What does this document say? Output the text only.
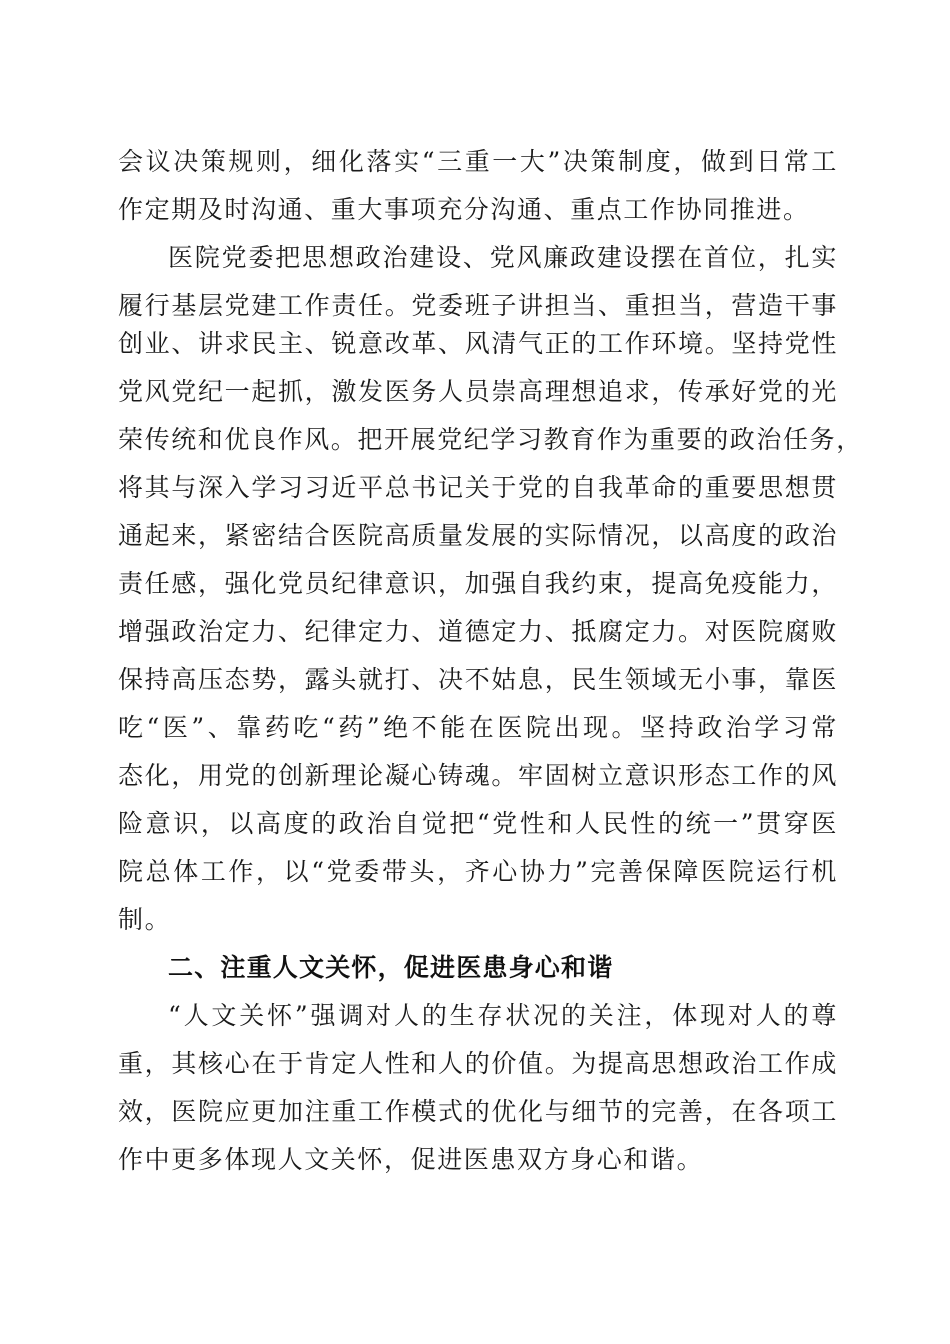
会议决策规则，细化落实“三重一大”决策制度，做到日常工
作定期及时沟通、重大事项充分沟通、重点工作协同推进。
医院党委把思想政治建设、党风廉政建设摆在首位，扎实
履行基层党建工作责任。党委班子讲担当、重担当，营造干事
创业、讲求民主、锐意改革、风清气正的工作环境。坚持党性
党风党纪一起抓，激发医务人员崇高理想追求，传承好党的光
荣传统和优良作风。把开展党纪学习教育作为重要的政治任务，
将其与深入学习习近平总书记关于党的自我革命的重要思想贯
通起来，紧密结合医院高质量发展的实际情况，以高度的政治
责任感，强化党员纪律意识，加强自我约束，提高免疫能力，
增强政治定力、纪律定力、道德定力、抵腐定力。对医院腐败
保持高压态势，露头就打、决不姑息，民生领域无小事，靠医
吃“医”、靠药吃“药”绝不能在医院出现。坚持政治学习常
态化，用党的创新理论凝心铸魂。牢固树立意识形态工作的风
险意识，以高度的政治自觉把“党性和人民性的统一”贯穿医
院总体工作，以“党委带头，齐心协力”完善保障医院运行机
制。
二、注重人文关怀，促进医患身心和谐
“人文关怀”强调对人的生存状况的关注，体现对人的尊
重，其核心在于肯定人性和人的价值。为提高思想政治工作成
效，医院应更加注重工作模式的优化与细节的完善，在各项工
作中更多体现人文关怀，促进医患双方身心和谐。
